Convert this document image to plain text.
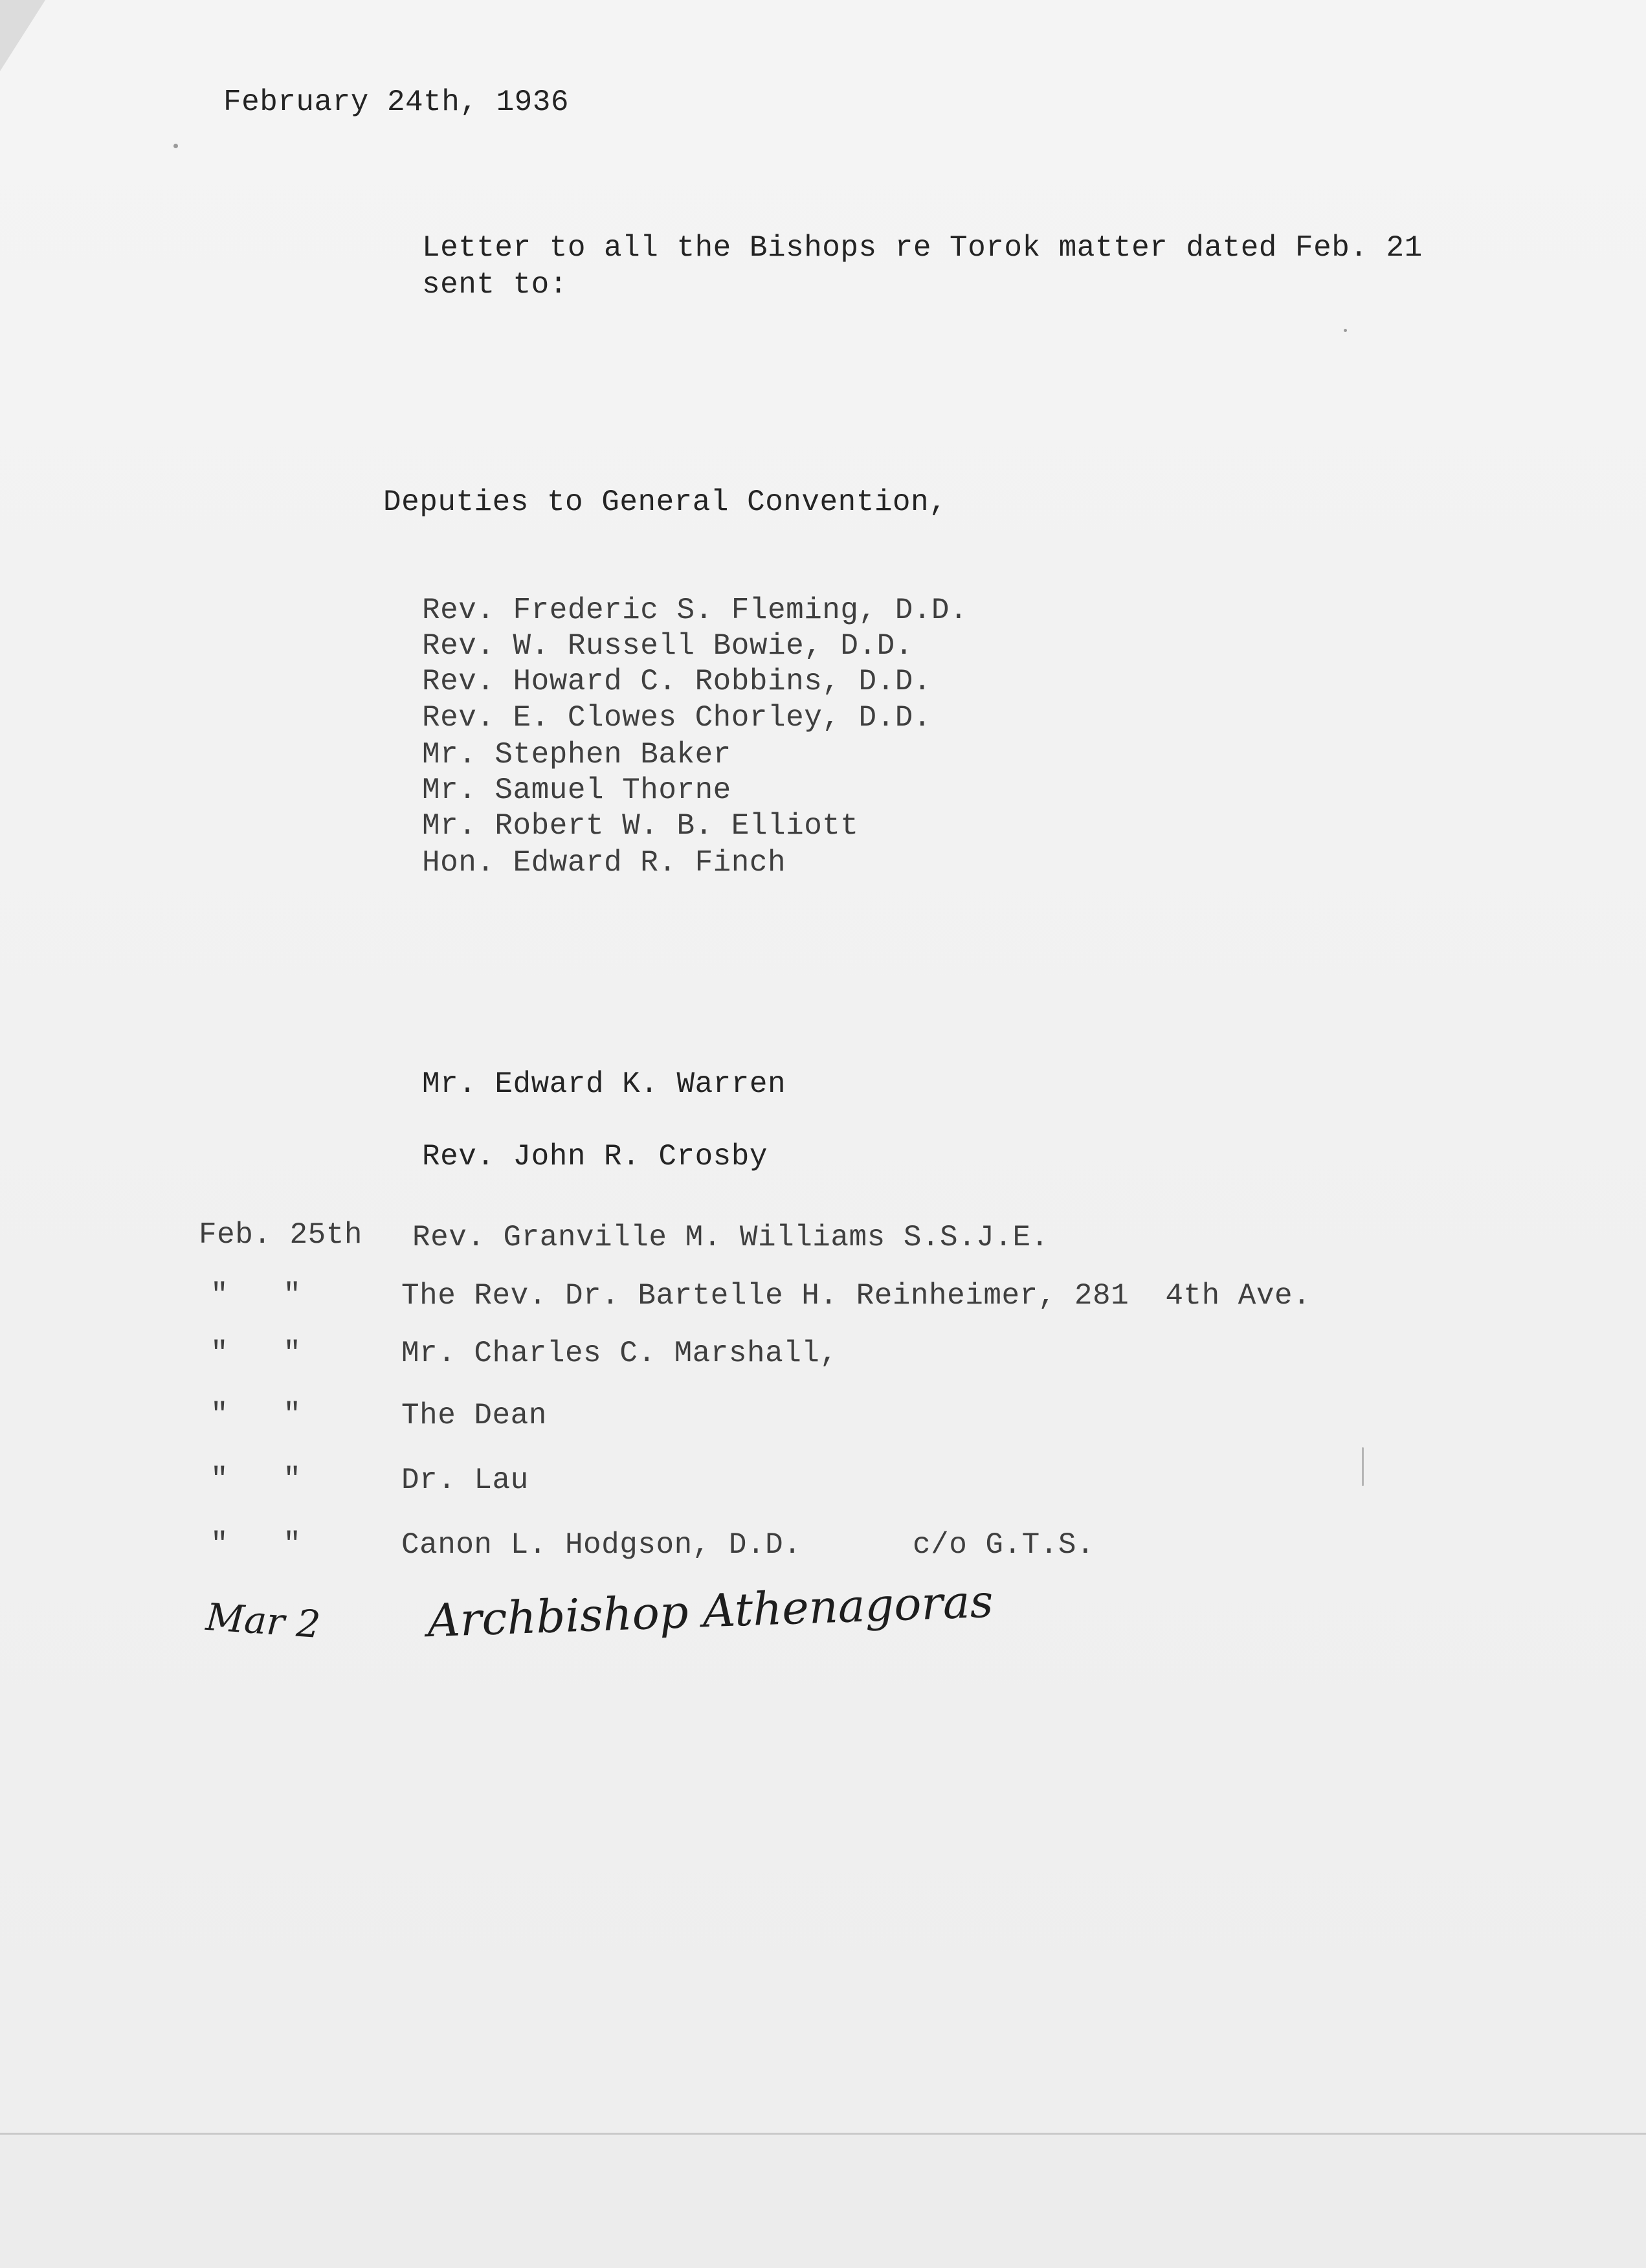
February 24th, 1936
Letter to all the Bishops re Torok matter dated Feb. 21
sent to:
Deputies to General Convention,
Rev. Frederic S. Fleming, D.D.
Rev. W. Russell Bowie, D.D.
Rev. Howard C. Robbins, D.D.
Rev. E. Clowes Chorley, D.D.
Mr. Stephen Baker
Mr. Samuel Thorne
Mr. Robert W. B. Elliott
Hon. Edward R. Finch
Mr. Edward K. Warren
Rev. John R. Crosby
Feb. 25th Rev. Granville M. Williams S.S.J.E.
"   "	The Rev. Dr. Bartelle H. Reinheimer, 281  4th Ave.
"   "	Mr. Charles C. Marshall,
"   "	The Dean
"   "	Dr. Lau
"   "	Canon L. Hodgson, D.D.	c/o G.T.S.
Mar 2 Archbishop Athenagoras
